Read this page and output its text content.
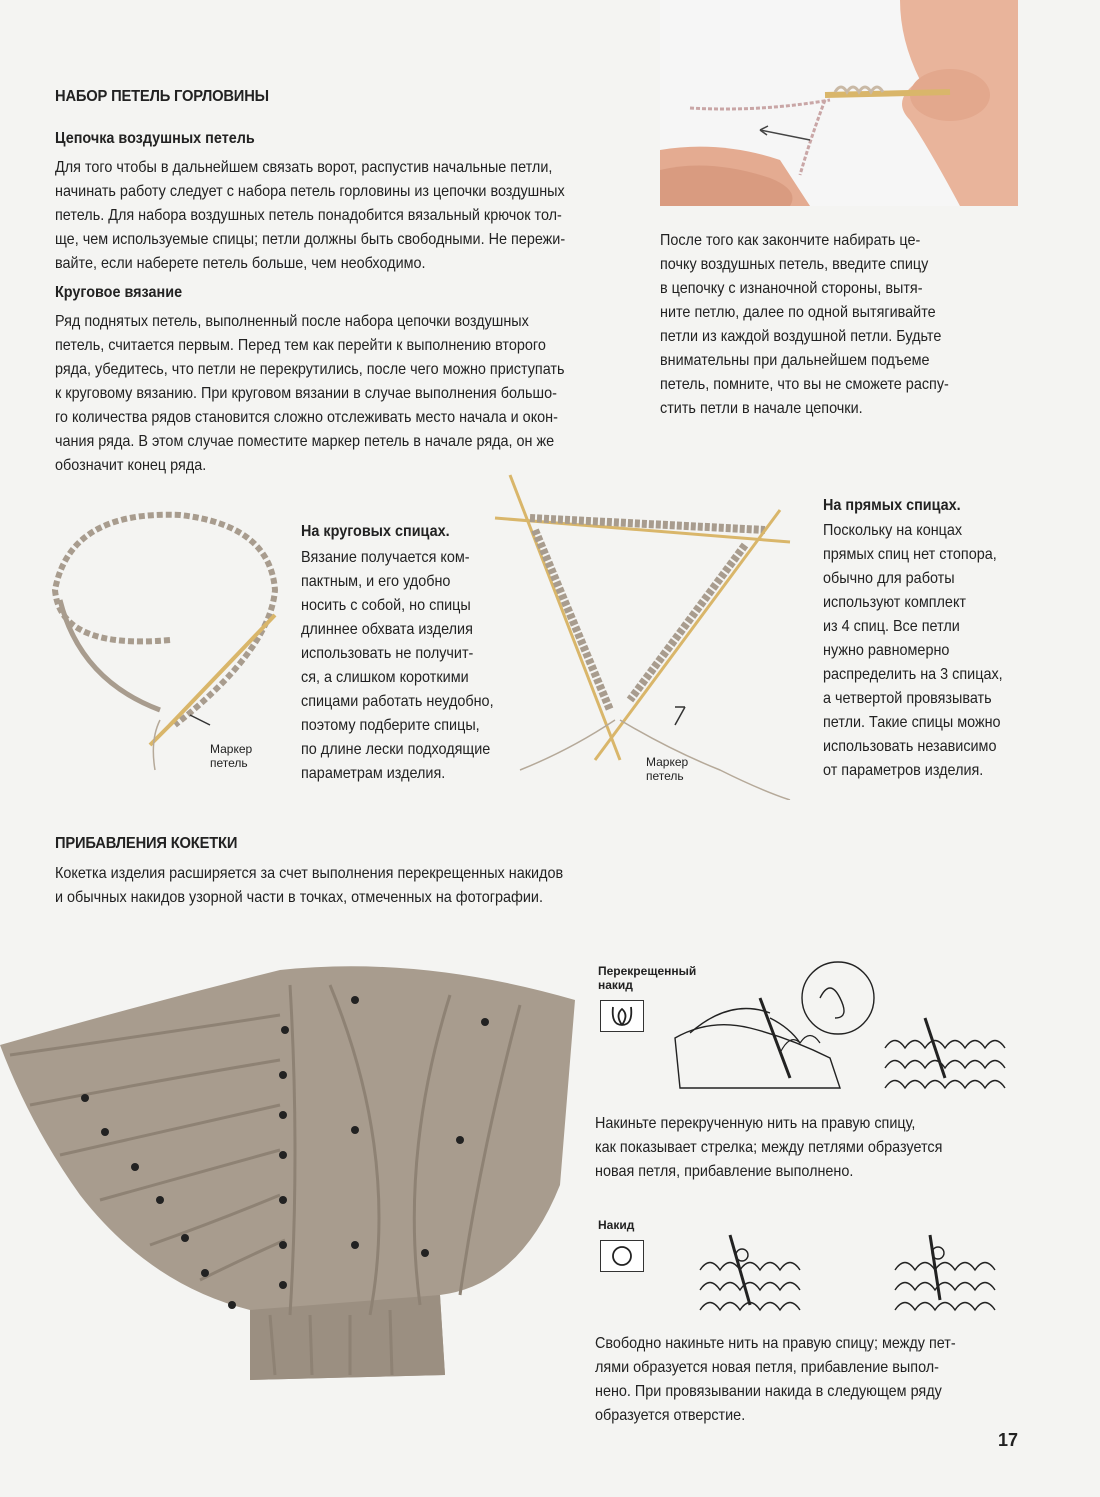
НАБОР ПЕТЕЛЬ ГОРЛОВИНЫ
Цепочка воздушных петель
Для того чтобы в дальнейшем связать ворот, распустив начальные петли,
начинать работу следует с набора петель горловины из цепочки воздушных
петель. Для набора воздушных петель понадобится вязальный крючок тол-
ще, чем используемые спицы; петли должны быть свободными. Не пережи-
вайте, если наберете петель больше, чем необходимо.
Круговое вязание
Ряд поднятых петель, выполненный после набора цепочки воздушных
петель, считается первым. Перед тем как перейти к выполнению второго
ряда, убедитесь, что петли не перекрутились, после чего можно приступать
к круговому вязанию. При круговом вязании в случае выполнения большо-
го количества рядов становится сложно отслеживать место начала и окон-
чания ряда. В этом случае поместите маркер петель в начале ряда, он же
обозначит конец ряда.
После того как закончите набирать це-
почку воздушных петель, введите спицу
в цепочку с изнаночной стороны, вытя-
ните петлю, далее по одной вытягивайте
петли из каждой воздушной петли. Будьте
внимательны при дальнейшем подъеме
петель, помните, что вы не сможете распу-
стить петли в начале цепочки.
Маркер
петель
На круговых спицах.
Вязание получается ком-
пактным, и его удобно
носить с собой, но спицы
длиннее обхвата изделия
использовать не получит-
ся, а слишком короткими
спицами работать неудобно,
поэтому подберите спицы,
по длине лески подходящие
параметрам изделия.
Маркер
петель
На прямых спицах.
Поскольку на концах
прямых спиц нет стопора,
обычно для работы
используют комплект
из 4 спиц. Все петли
нужно равномерно
распределить на 3 спицах,
а четвертой провязывать
петли. Такие спицы можно
использовать независимо
от параметров изделия.
ПРИБАВЛЕНИЯ КОКЕТКИ
Кокетка изделия расширяется за счет выполнения перекрещенных накидов
и обычных накидов узорной части в точках, отмеченных на фотографии.
Перекрещенный
накид
Накиньте перекрученную нить на правую спицу,
как показывает стрелка; между петлями образуется
новая петля, прибавление выполнено.
Накид
Свободно накиньте нить на правую спицу; между пет-
лями образуется новая петля, прибавление выпол-
нено. При провязывании накида в следующем ряду
образуется отверстие.
17
